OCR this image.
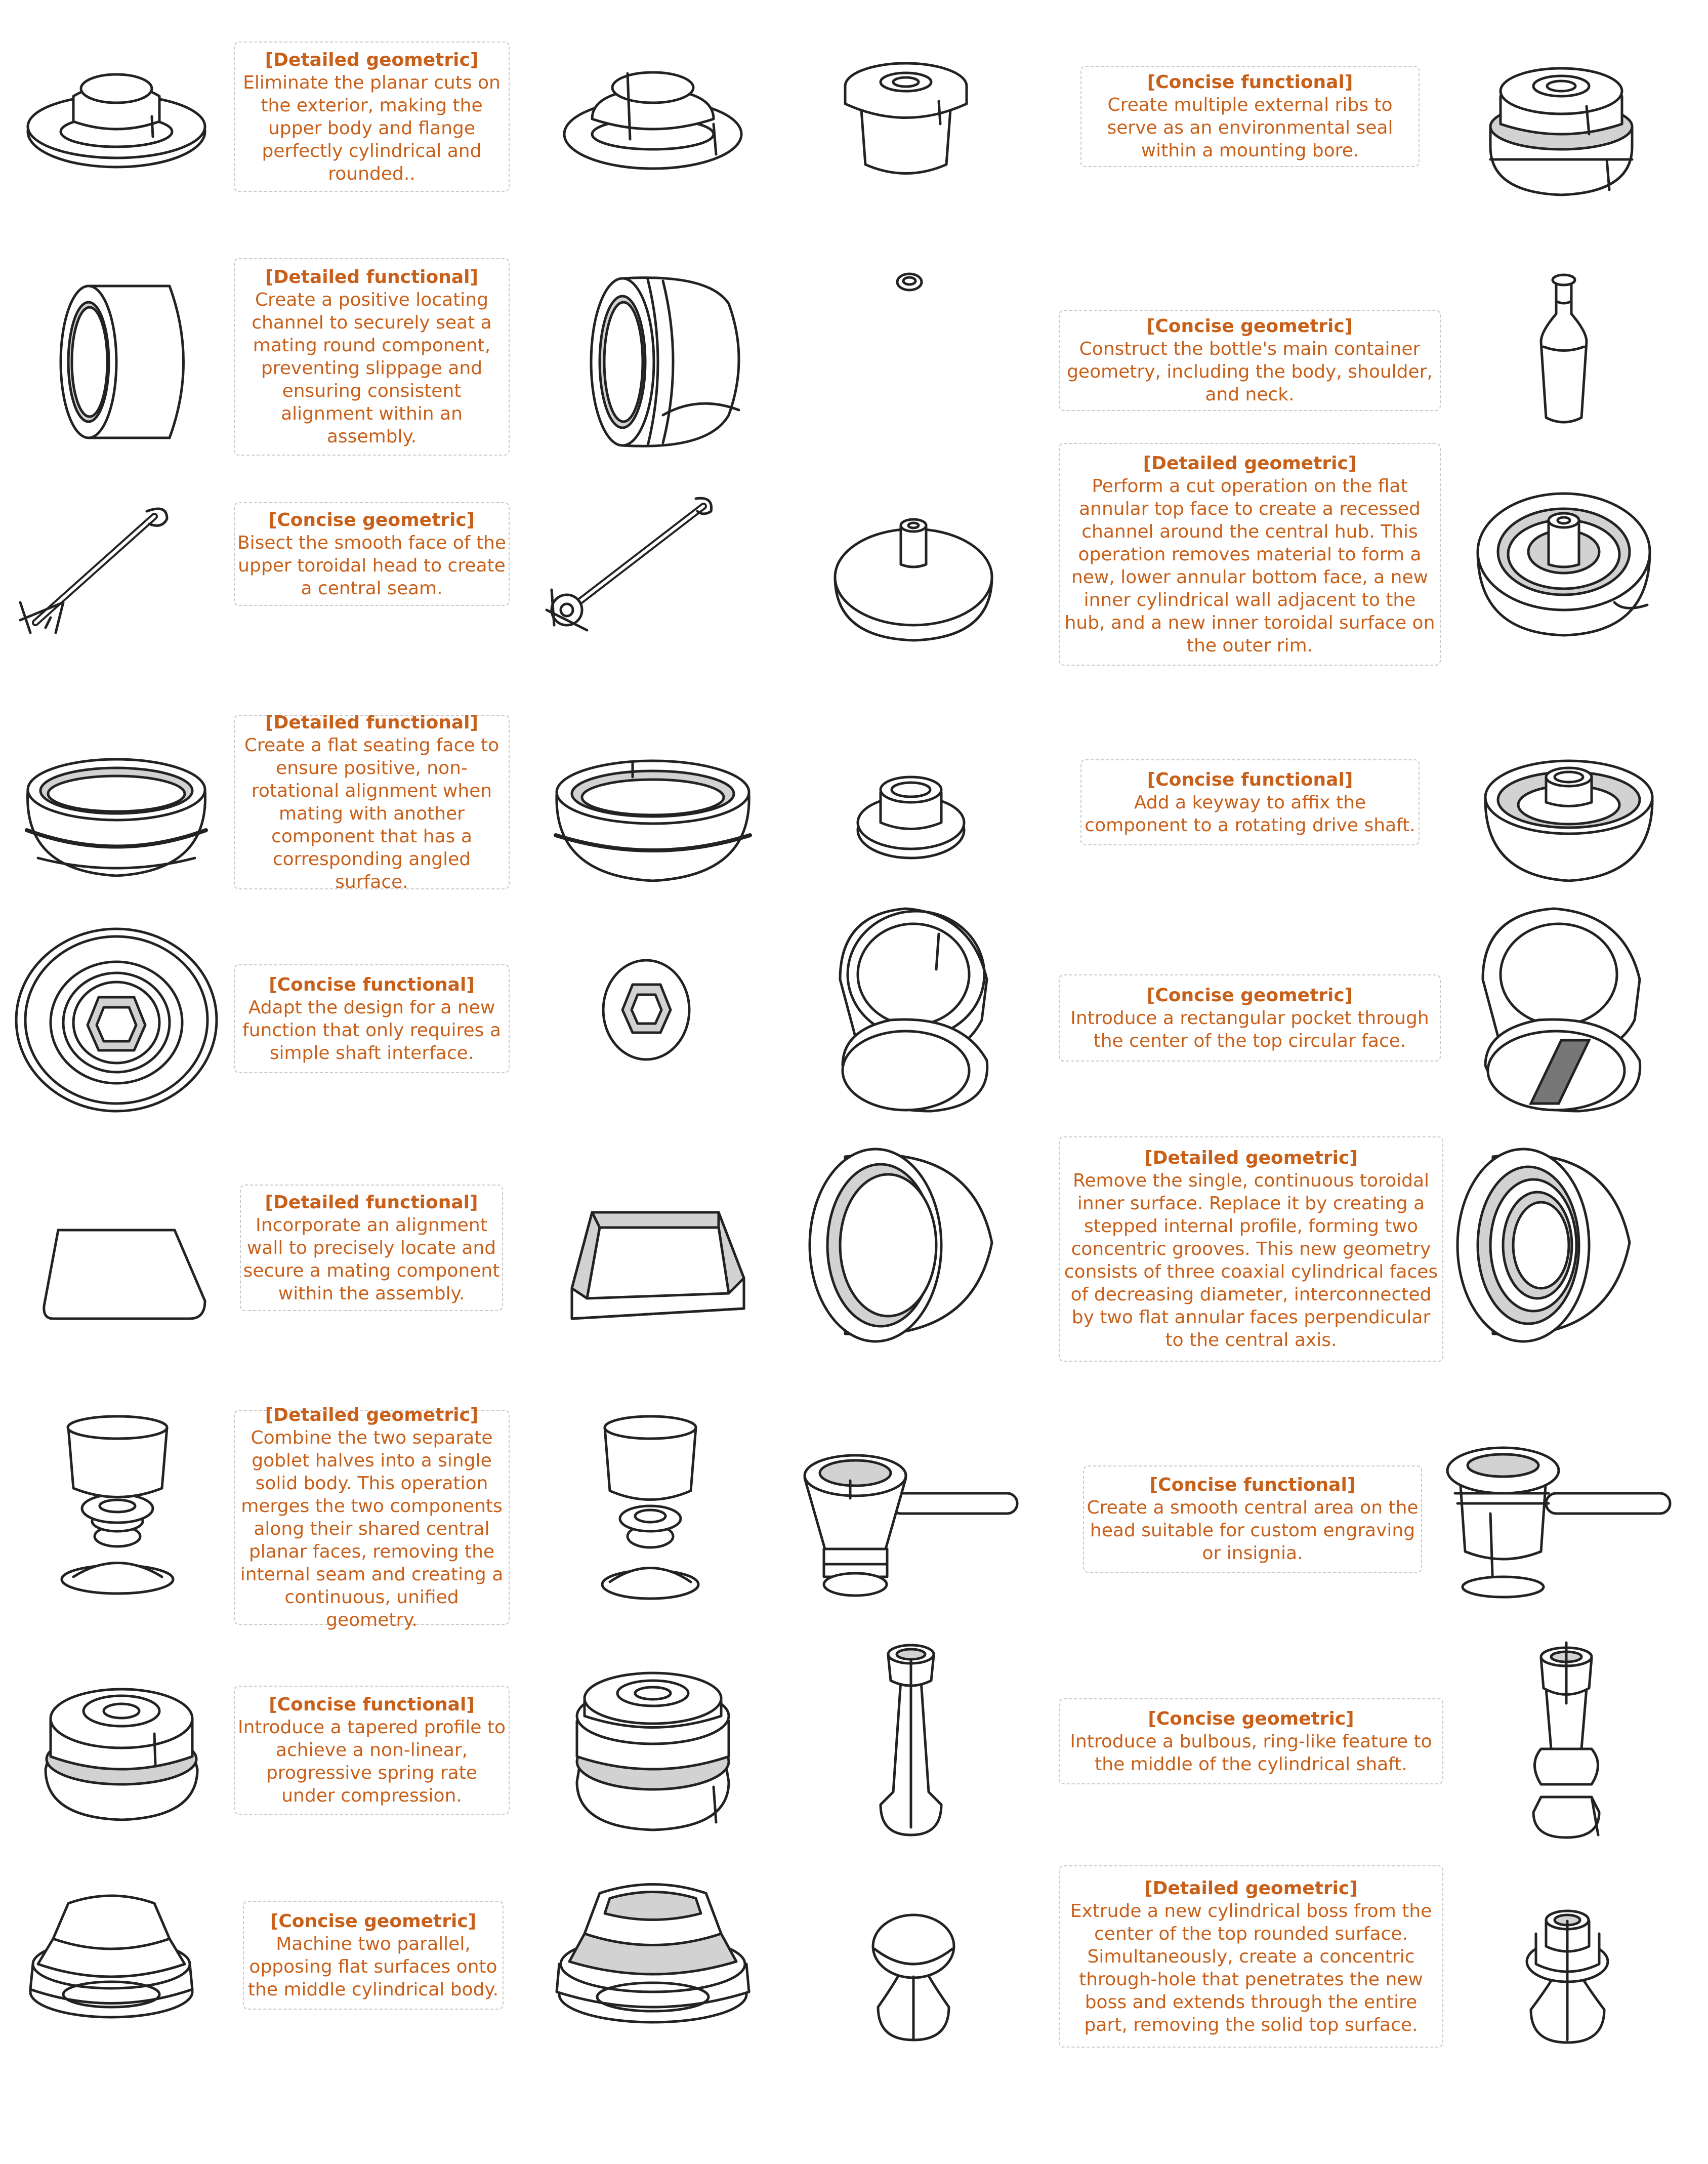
[Detailed geometric]
Eliminate the planar cuts on the exterior, making the upper body and flange perfectly cylindrical and rounded..
[Concise functional]
Create multiple external ribs to serve as an environmental seal within a mounting bore.
[Detailed functional]
Create a positive locating channel to securely seat a mating round component, preventing slippage and ensuring consistent alignment within an assembly.
[Concise geometric]
Construct the bottle's main container geometry, including the body, shoulder, and neck.
[Concise geometric]
Bisect the smooth face of the upper toroidal head to create a central seam.
[Detailed geometric]
Perform a cut operation on the flat annular top face to create a recessed channel around the central hub. This operation removes material to form a new, lower annular bottom face, a new inner cylindrical wall adjacent to the hub, and a new inner toroidal surface on the outer rim.
[Detailed functional]
Create a flat seating face to ensure positive, non-rotational alignment when mating with another component that has a corresponding angled surface.
[Concise functional]
Add a keyway to affix the component to a rotating drive shaft.
[Concise functional]
Adapt the design for a new function that only requires a simple shaft interface.
[Concise geometric]
Introduce a rectangular pocket through the center of the top circular face.
[Detailed functional]
Incorporate an alignment wall to precisely locate and secure a mating component within the assembly.
[Detailed geometric]
Remove the single, continuous toroidal inner surface. Replace it by creating a stepped internal profile, forming two concentric grooves. This new geometry consists of three coaxial cylindrical faces of decreasing diameter, interconnected by two flat annular faces perpendicular to the central axis.
[Detailed geometric]
Combine the two separate goblet halves into a single solid body. This operation merges the two components along their shared central planar faces, removing the internal seam and creating a continuous, unified geometry.
[Concise functional]
Create a smooth central area on the head suitable for custom engraving or insignia.
[Concise functional]
Introduce a tapered profile to achieve a non-linear, progressive spring rate under compression.
[Concise geometric]
Introduce a bulbous, ring-like feature to the middle of the cylindrical shaft.
[Concise geometric]
Machine two parallel, opposing flat surfaces onto the middle cylindrical body.
[Detailed geometric]
Extrude a new cylindrical boss from the center of the top rounded surface. Simultaneously, create a concentric through-hole that penetrates the new boss and extends through the entire part, removing the solid top surface.
